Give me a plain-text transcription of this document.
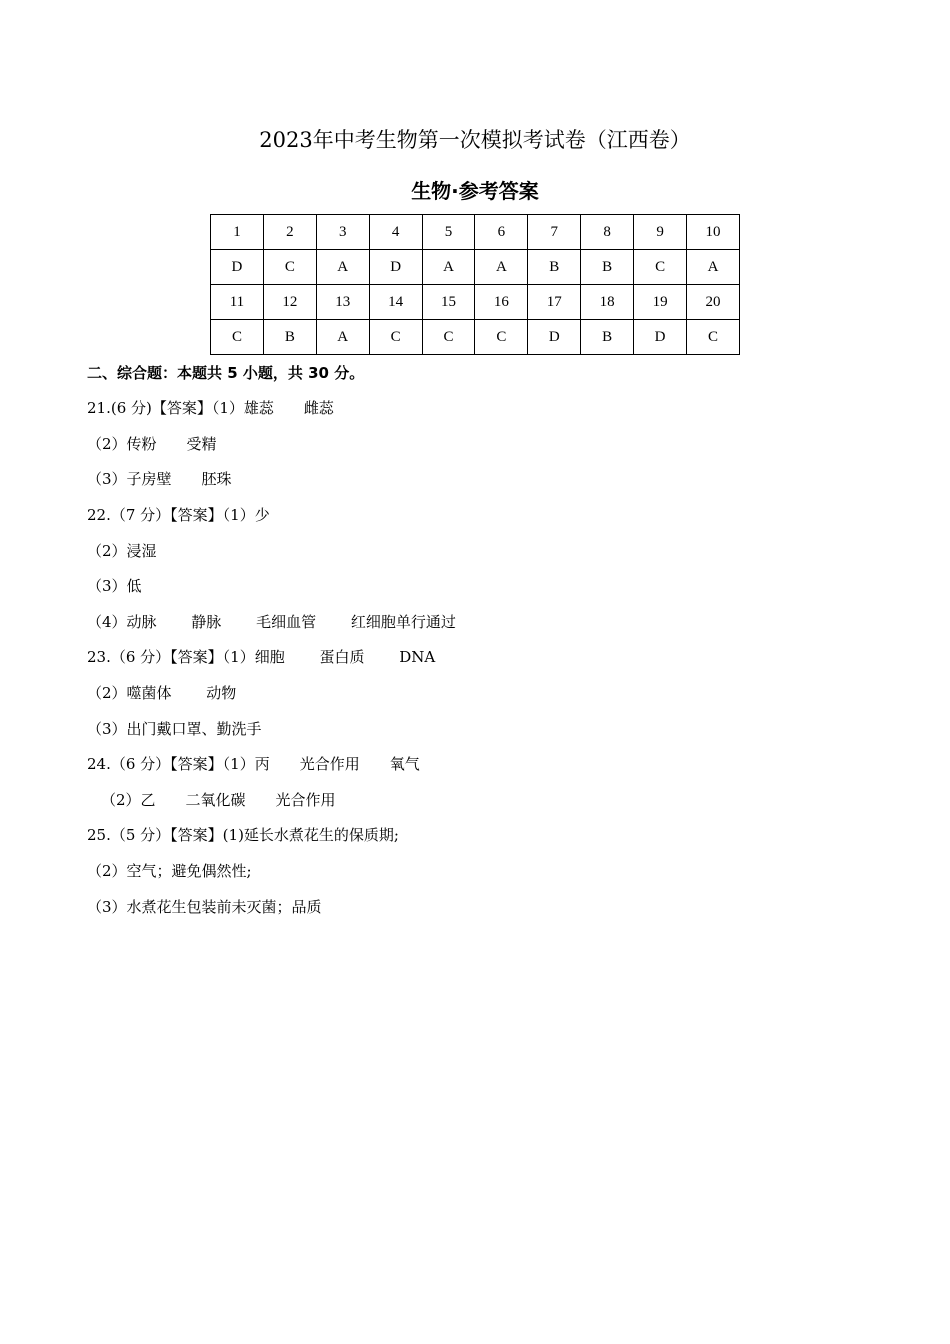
2023年中考生物第一次模拟考试卷（江西卷）
生物·参考答案
1	2	3	4	5	6	7	8	9	10
D	C	A	D	A	A	B	B	C	A
11	12	13	14	15	16	17	18	19	20
C	B	A	C	C	C	D	B	D	C
二、综合题：本题共 5 小题，共 30 分。
21.(6 分)【答案】（1）雄蕊　　雌蕊
（2）传粉　　受精
（3）子房壁　　胚珠
22.（7 分）【答案】（1）少
（2）浸湿
（3）低
（4）动脉　　 静脉　　 毛细血管　　 红细胞单行通过
23.（6 分）【答案】（1）细胞　　 蛋白质　　 DNA
（2）噬菌体　　 动物
（3）出门戴口罩、勤洗手
24.（6 分）【答案】（1）丙　　光合作用　　氧气
（2）乙　　二氧化碳　　光合作用
25.（5 分）【答案】(1)延长水煮花生的保质期;
（2）空气；避免偶然性;
（3）水煮花生包装前未灭菌；品质
